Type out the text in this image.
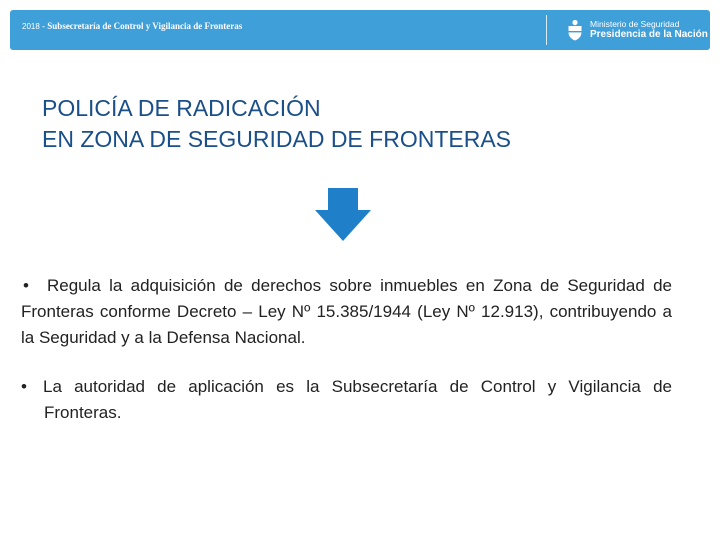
2018 - Subsecretaría de Control y Vigilancia de Fronteras	Ministerio de Seguridad
Presidencia de la Nación
POLICÍA DE RADICACIÓN
EN ZONA DE SEGURIDAD DE FRONTERAS

• Regula la adquisición de derechos sobre inmuebles en Zona de Seguridad de Fronteras conforme Decreto – Ley Nº 15.385/1944 (Ley Nº 12.913), contribuyendo a la Seguridad y a la Defensa Nacional.

• La autoridad de aplicación es la Subsecretaría de Control y Vigilancia de Fronteras.
